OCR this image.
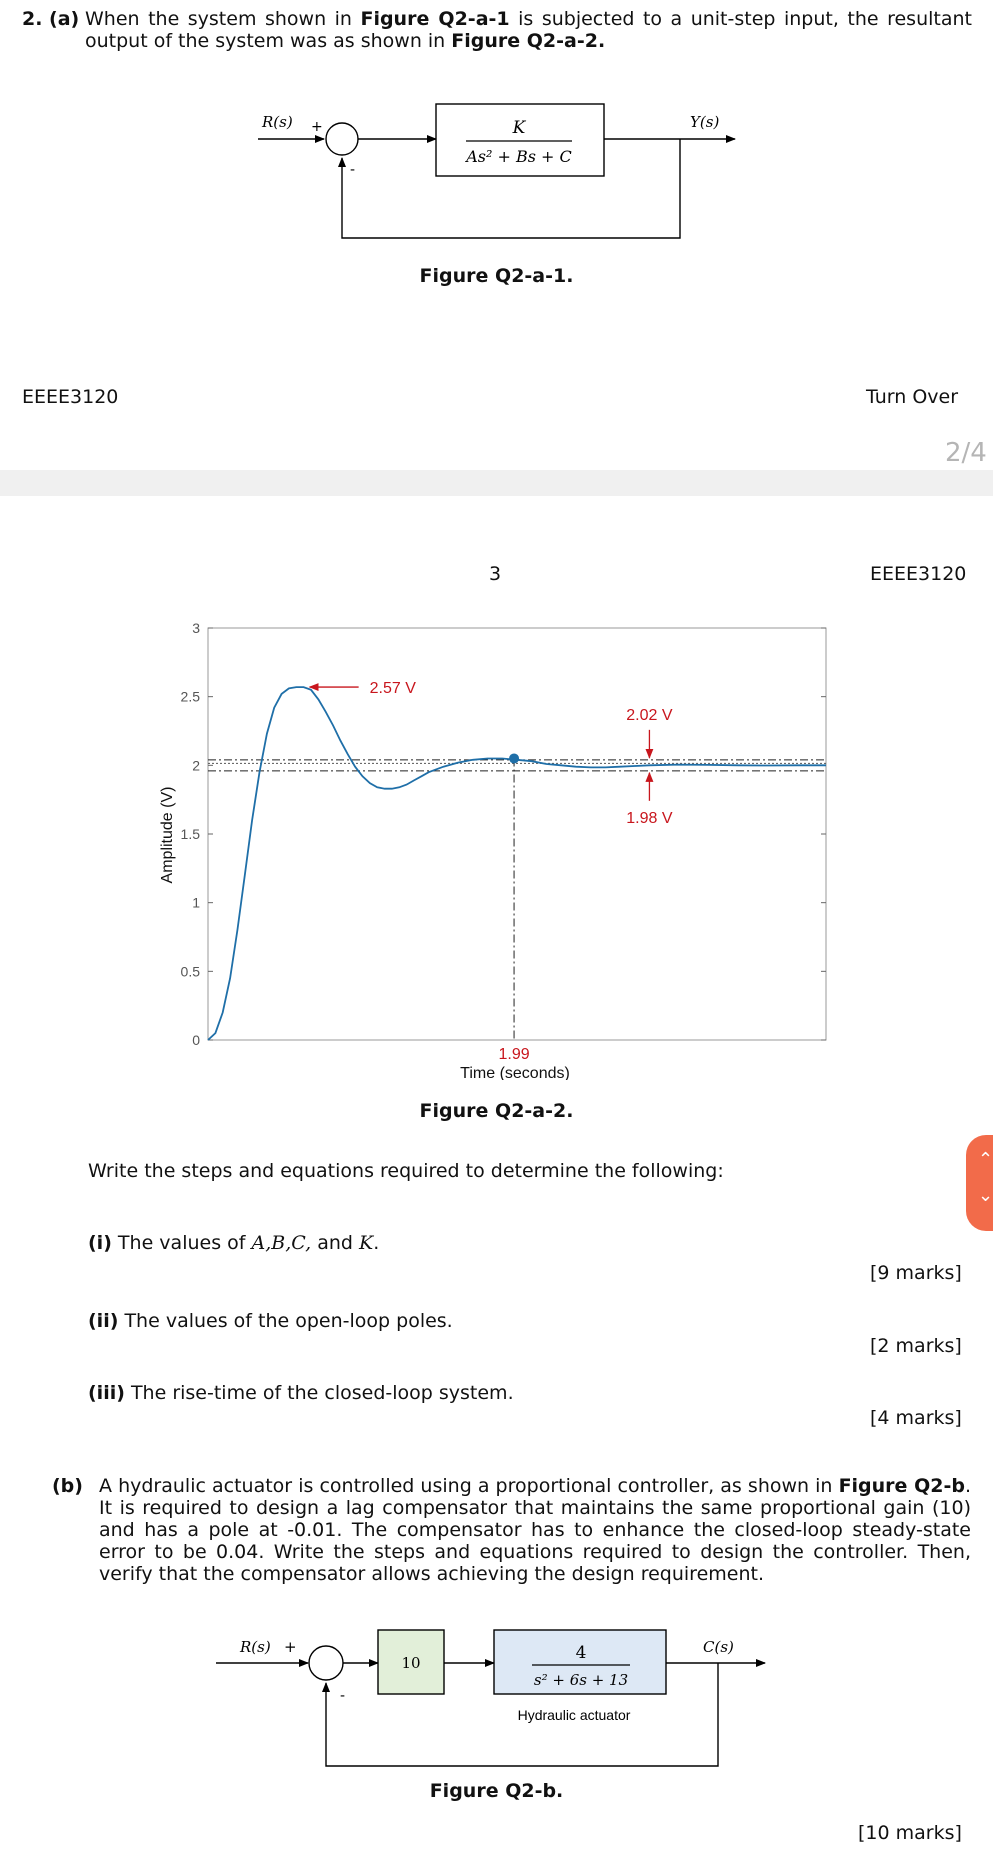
2. (a) When the system shown in Figure Q2-a-1 is subjected to a unit-step input, the resultant output of the system was as shown in Figure Q2-a-2.
R(s) +
-
K
As² + Bs + C
Y(s)
Figure Q2-a-1.
EEEE3120	Turn Over
2/4
3	EEEE3120
0
0.5
1
1.5
2
2.5
3
2.57 V
2.02 V
1.98 V
1.99
Time (seconds)
Amplitude (V)
Figure Q2-a-2.
Write the steps and equations required to determine the following:
⌃
⌄
(i) The values of A,B,C, and K.
[9 marks]
(ii) The values of the open-loop poles.
[2 marks]
(iii) The rise-time of the closed-loop system.
[4 marks]
(b) A hydraulic actuator is controlled using a proportional controller, as shown in Figure Q2-b. It is required to design a lag compensator that maintains the same proportional gain (10) and has a pole at -0.01. The compensator has to enhance the closed-loop steady-state error to be 0.04. Write the steps and equations required to design the controller. Then, verify that the compensator allows achieving the design requirement.
R(s) +
-
10	4
s² + 6s + 13
Hydraulic actuator
C(s)
Figure Q2-b.
[10 marks]
